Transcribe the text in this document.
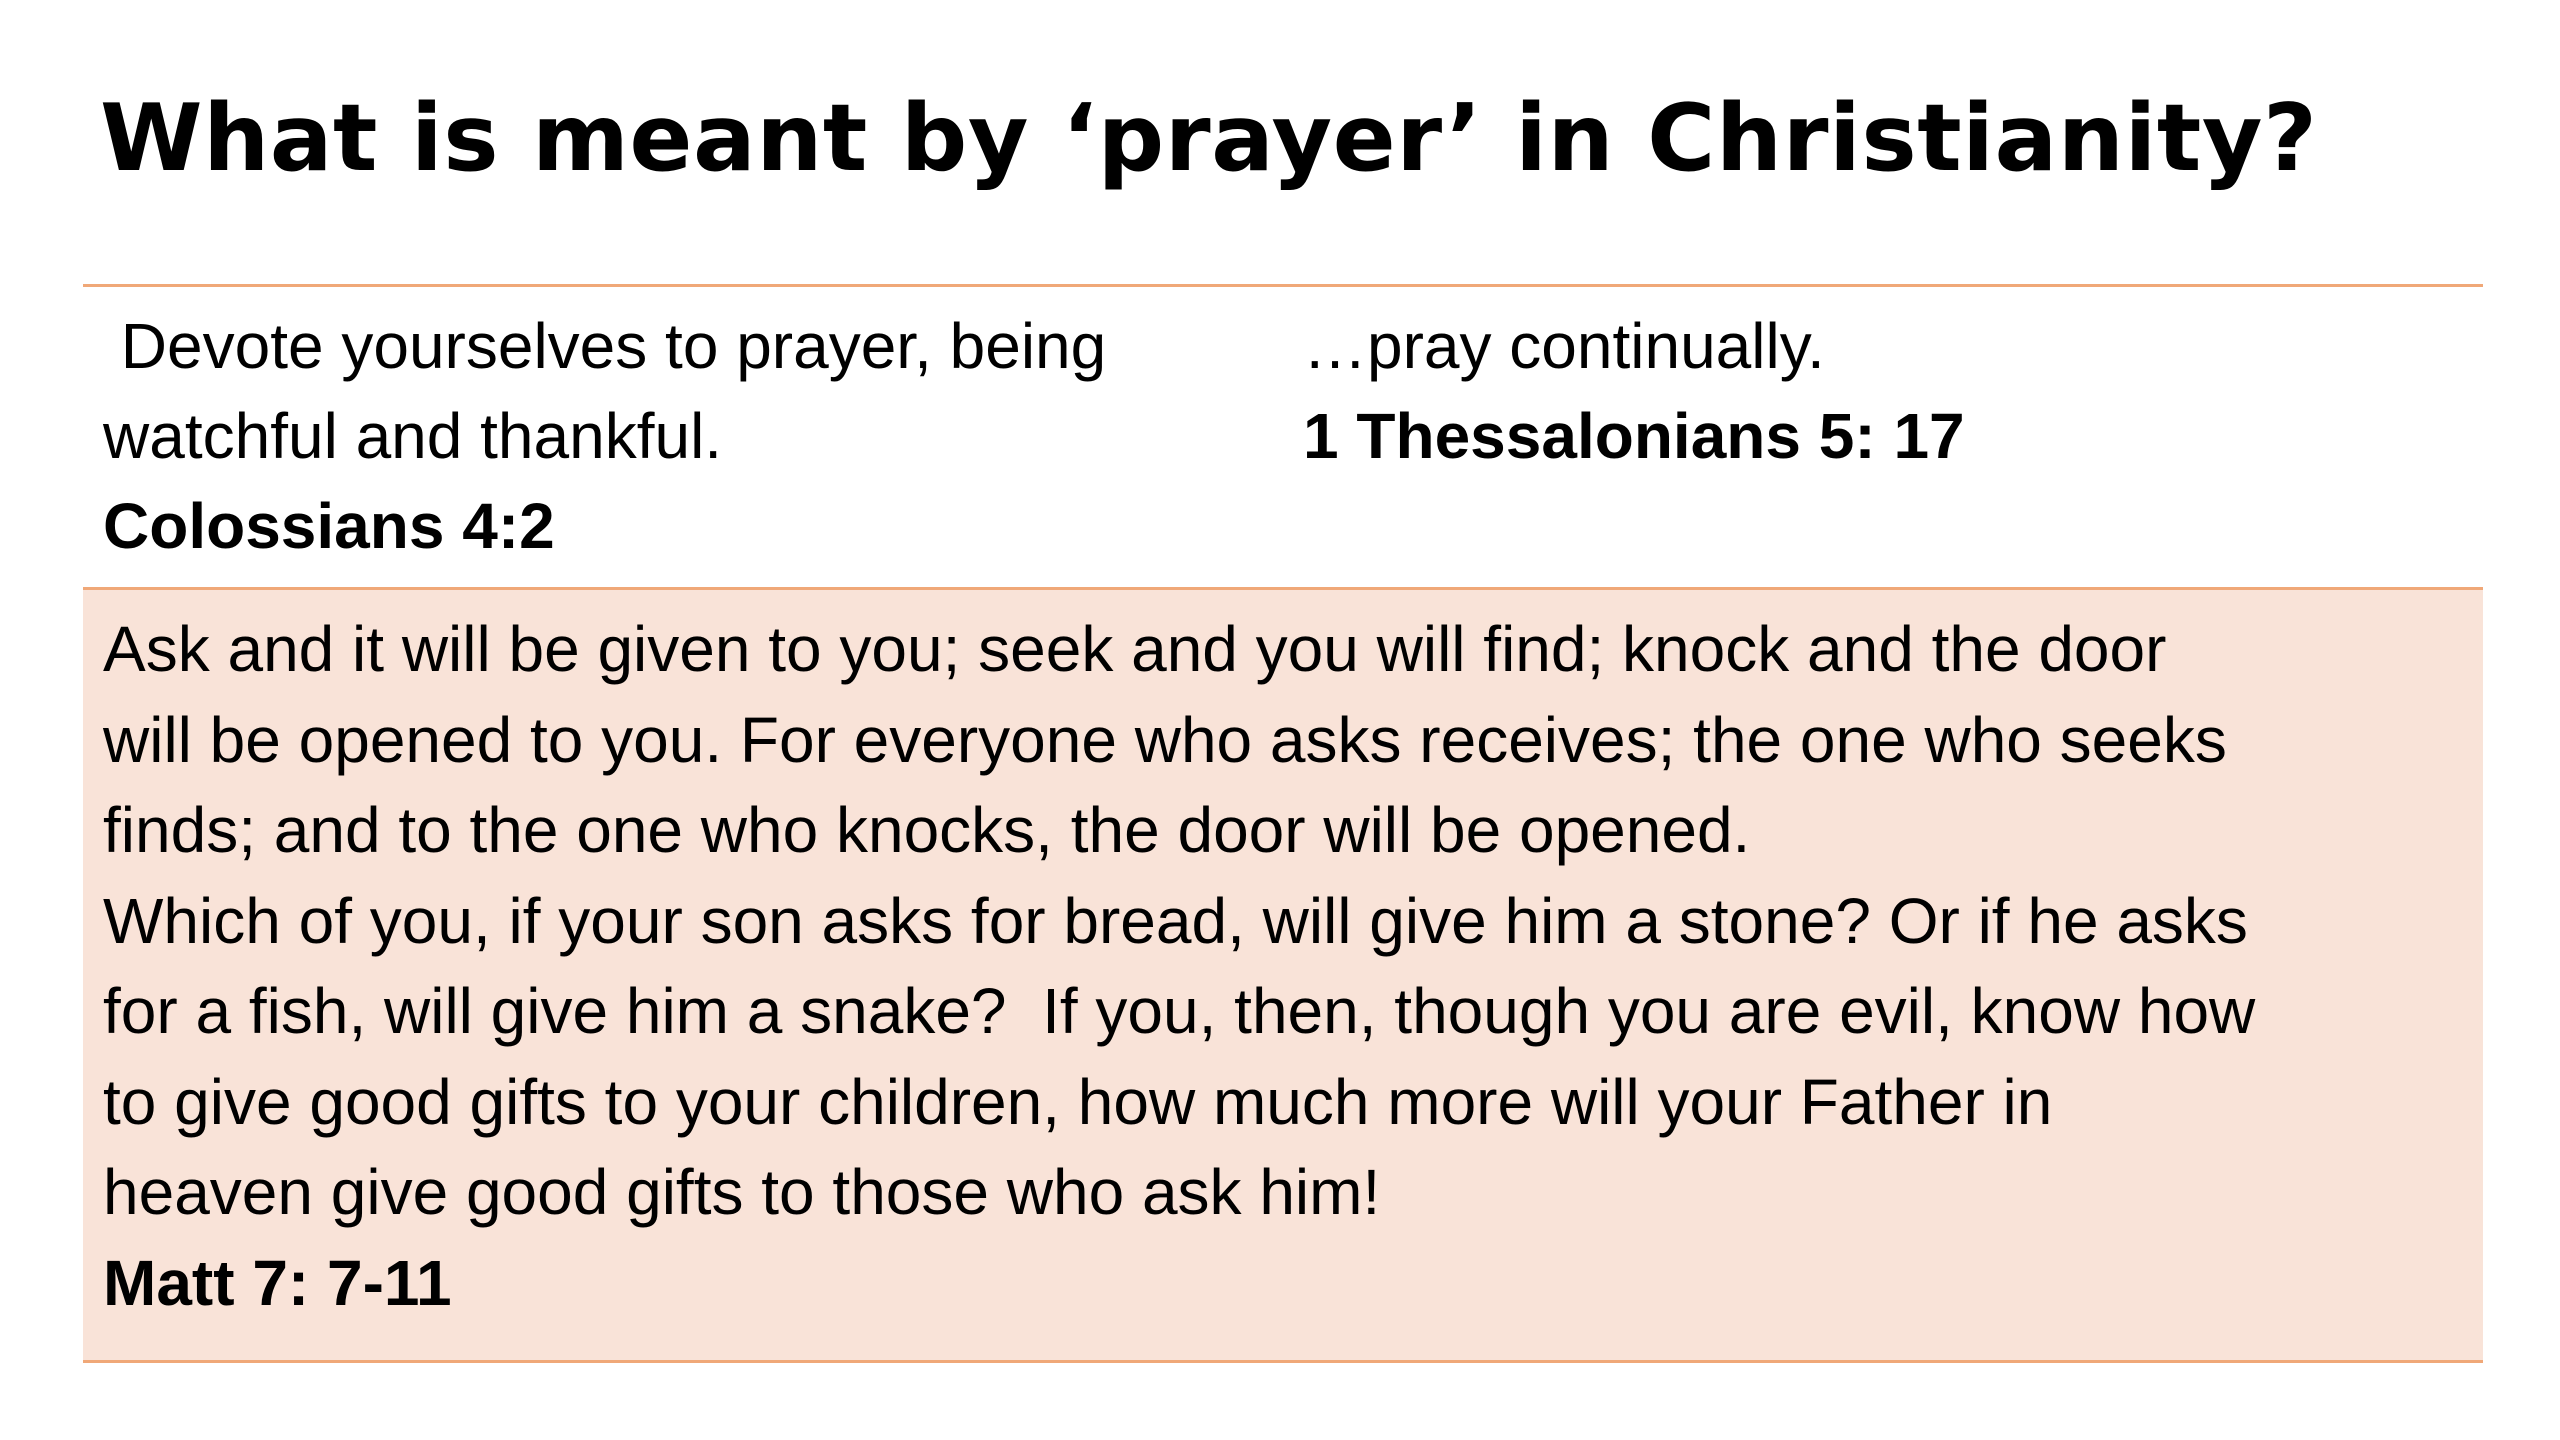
What is meant by ‘prayer’ in Christianity?
Devote yourselves to prayer, being
watchful and thankful.
Colossians 4:2
…pray continually.
1 Thessalonians 5: 17
Ask and it will be given to you; seek and you will find; knock and the door
will be opened to you. For everyone who asks receives; the one who seeks
finds; and to the one who knocks, the door will be opened.
Which of you, if your son asks for bread, will give him a stone? Or if he asks
for a fish, will give him a snake?  If you, then, though you are evil, know how
to give good gifts to your children, how much more will your Father in
heaven give good gifts to those who ask him!
Matt 7: 7-11
